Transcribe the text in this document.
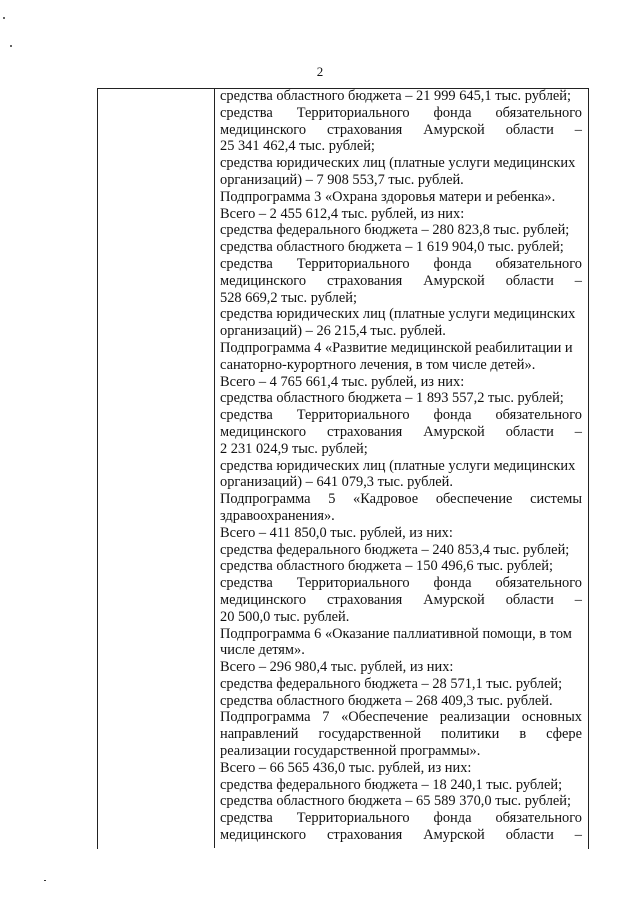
2
средства областного бюджета – 21 999 645,1 тыс. рублей;
средства Территориального фонда обязательного
медицинского страхования Амурской области –
25 341 462,4 тыс. рублей;
средства юридических лиц (платные услуги медицинских
организаций) – 7 908 553,7 тыс. рублей.
Подпрограмма 3 «Охрана здоровья матери и ребенка».
Всего – 2 455 612,4 тыс. рублей, из них:
средства федерального бюджета – 280 823,8 тыс. рублей;
средства областного бюджета – 1 619 904,0 тыс. рублей;
средства Территориального фонда обязательного
медицинского страхования Амурской области –
528 669,2 тыс. рублей;
средства юридических лиц (платные услуги медицинских
организаций) – 26 215,4 тыс. рублей.
Подпрограмма 4 «Развитие медицинской реабилитации и
санаторно-курортного лечения, в том числе детей».
Всего – 4 765 661,4 тыс. рублей, из них:
средства областного бюджета – 1 893 557,2 тыс. рублей;
средства Территориального фонда обязательного
медицинского страхования Амурской области –
2 231 024,9 тыс. рублей;
средства юридических лиц (платные услуги медицинских
организаций) – 641 079,3 тыс. рублей.
Подпрограмма 5 «Кадровое обеспечение системы
здравоохранения».
Всего – 411 850,0 тыс. рублей, из них:
средства федерального бюджета – 240 853,4 тыс. рублей;
средства областного бюджета – 150 496,6 тыс. рублей;
средства Территориального фонда обязательного
медицинского страхования Амурской области –
20 500,0 тыс. рублей.
Подпрограмма 6 «Оказание паллиативной помощи, в том
числе детям».
Всего – 296 980,4 тыс. рублей, из них:
средства федерального бюджета – 28 571,1 тыс. рублей;
средства областного бюджета – 268 409,3 тыс. рублей.
Подпрограмма 7 «Обеспечение реализации основных
направлений государственной политики в сфере
реализации государственной программы».
Всего – 66 565 436,0 тыс. рублей, из них:
средства федерального бюджета – 18 240,1 тыс. рублей;
средства областного бюджета – 65 589 370,0 тыс. рублей;
средства Территориального фонда обязательного
медицинского страхования Амурской области –
